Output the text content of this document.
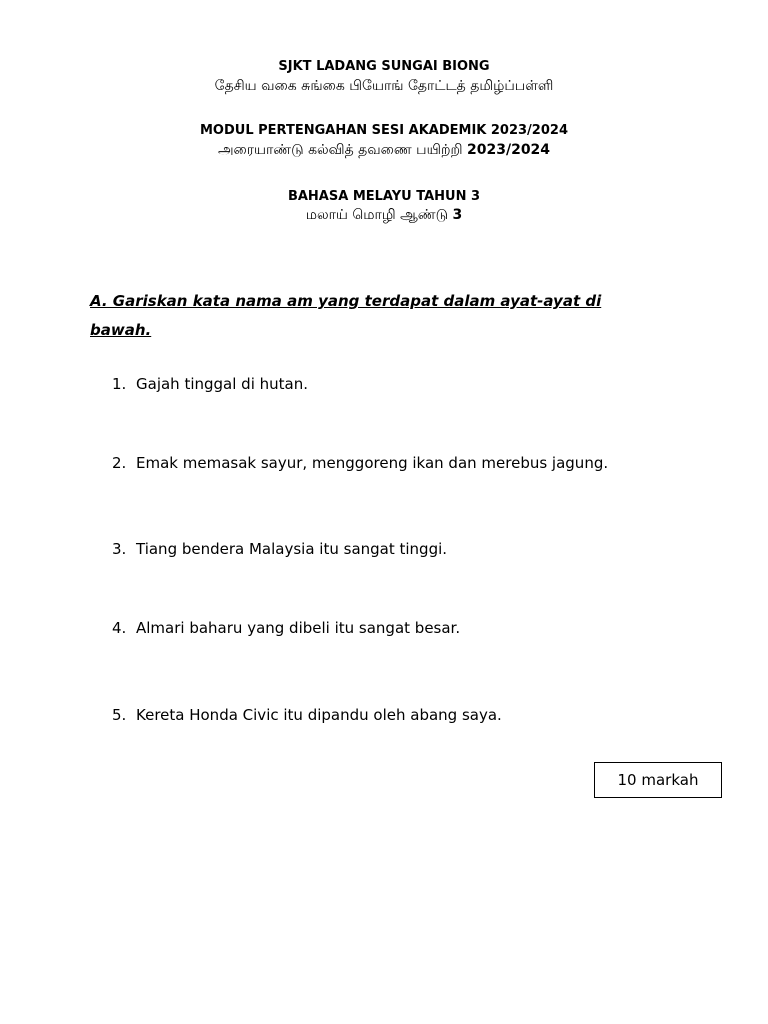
SJKT LADANG SUNGAI BIONG
தேசிய வகை சுங்கை பியோங் தோட்டத் தமிழ்ப்பள்ளி
MODUL PERTENGAHAN SESI AKADEMIK 2023/2024
அரையாண்டு கல்வித் தவணை பயிற்றி 2023/2024
BAHASA MELAYU TAHUN 3
மலாய் மொழி ஆண்டு 3
A. Gariskan kata nama am yang terdapat dalam ayat-ayat di bawah.
1. Gajah tinggal di hutan.
2. Emak memasak sayur, menggoreng ikan dan merebus jagung.
3. Tiang bendera Malaysia itu sangat tinggi.
4. Almari baharu yang dibeli itu sangat besar.
5. Kereta Honda Civic itu dipandu oleh abang saya.
10 markah
